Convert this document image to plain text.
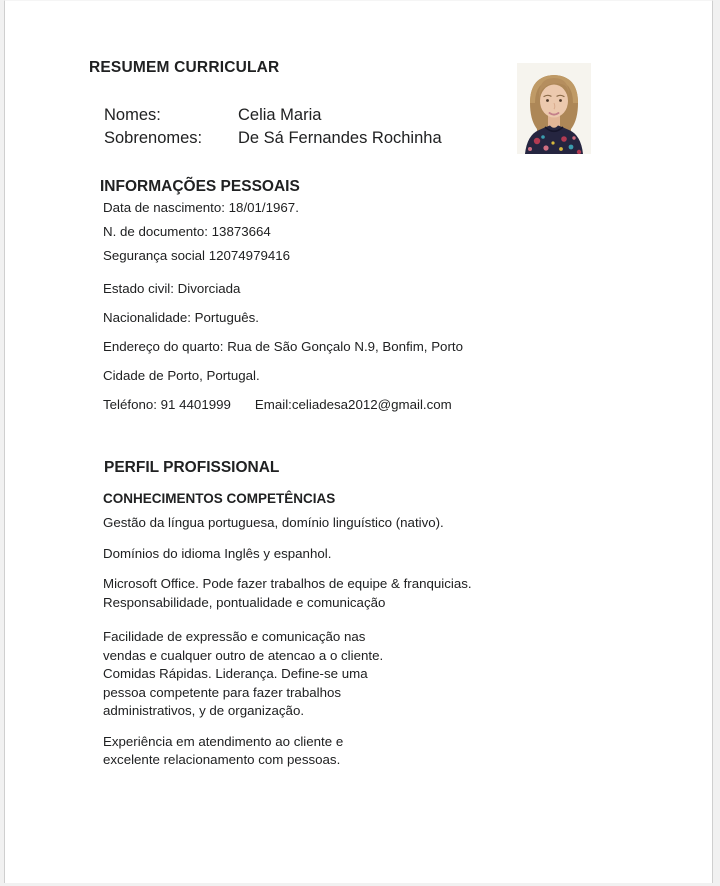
RESUMEM CURRICULAR
Nomes:	Celia Maria
Sobrenomes:	De Sá Fernandes Rochinha
INFORMAÇÕES PESSOAIS
Data de nascimento: 18/01/1967.
N. de documento: 13873664
Segurança social 12074979416
Estado civil: Divorciada
Nacionalidade: Português.
Endereço do quarto: Rua de São Gonçalo N.9, Bonfim, Porto
Cidade de Porto, Portugal.
Teléfono: 91 4401999 Email:celiadesa2012@gmail.com
PERFIL PROFISSIONAL
CONHECIMENTOS COMPETÊNCIAS
Gestão da língua portuguesa, domínio linguístico (nativo).
Domínios do idioma Inglês y espanhol.
Microsoft Office. Pode fazer trabalhos de equipe & franquicias.
Responsabilidade, pontualidade e comunicação
Facilidade de expressão e comunicação nas
vendas e cualquer outro de atencao a o cliente.
Comidas Rápidas. Liderança. Define-se uma
pessoa competente para fazer trabalhos
administrativos, y de organização.
Experiência em atendimento ao cliente e
excelente relacionamento com pessoas.
